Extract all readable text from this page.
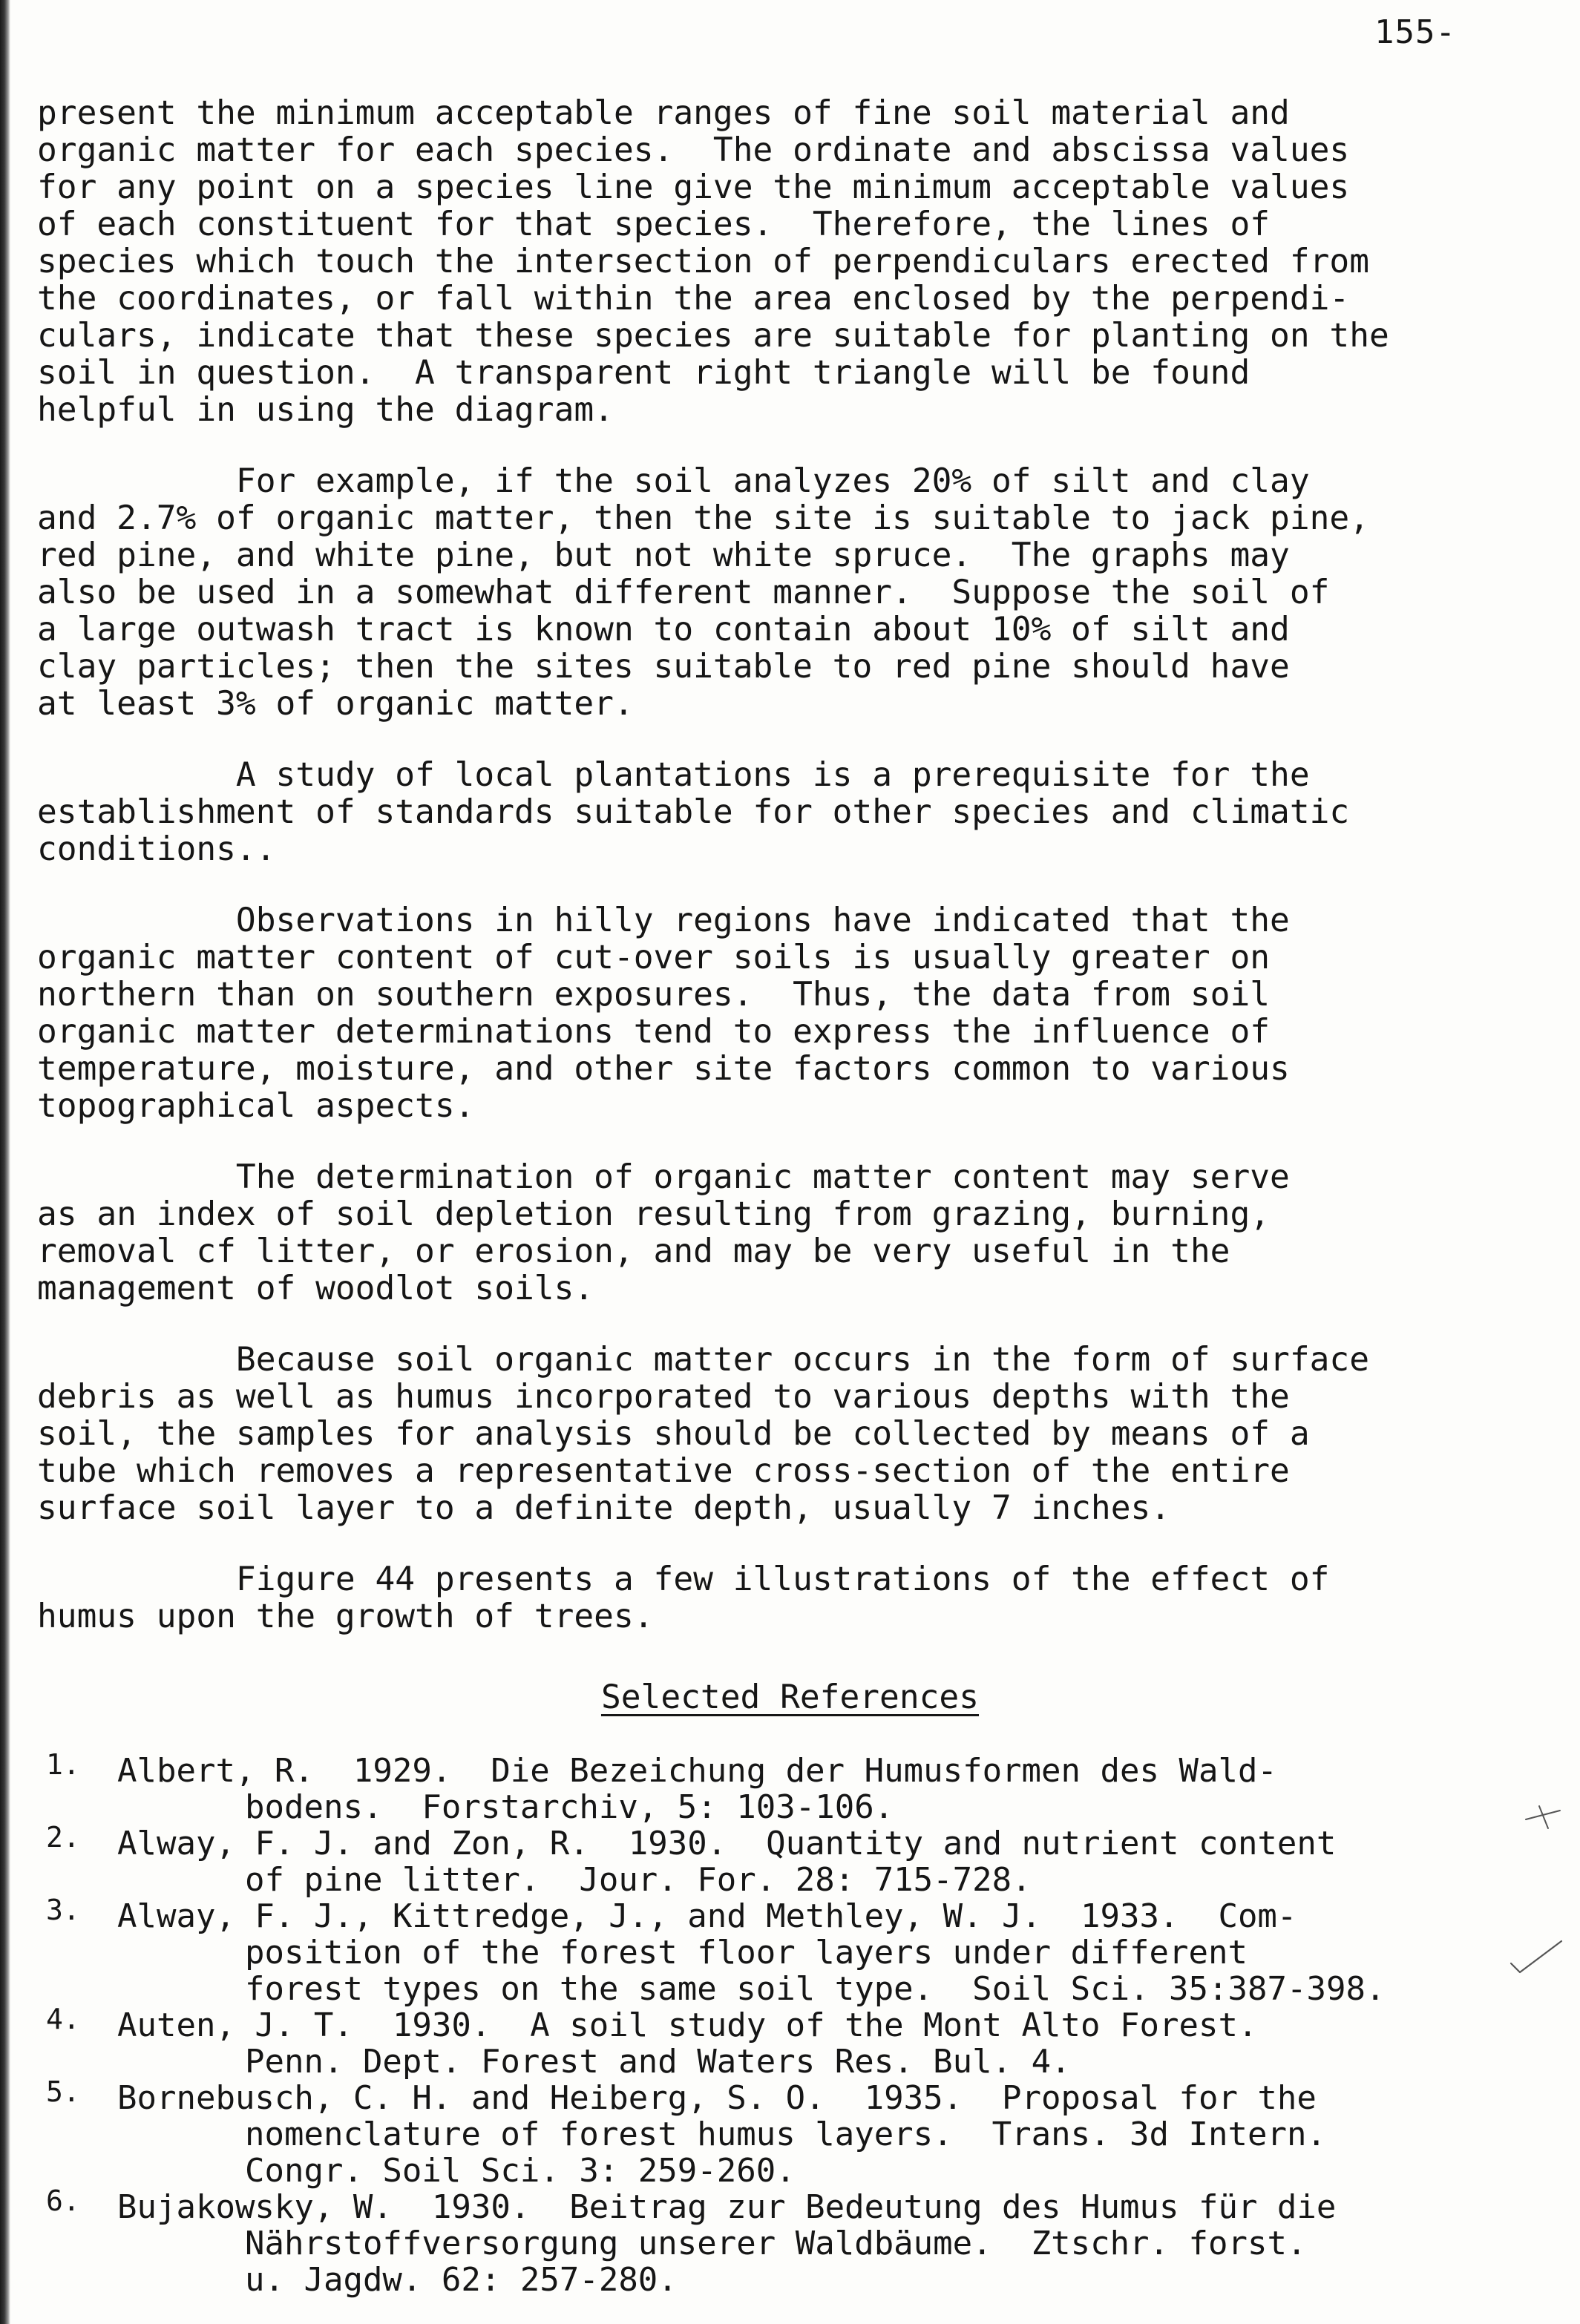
155-

present the minimum acceptable ranges of fine soil material and
organic matter for each species.  The ordinate and abscissa values
for any point on a species line give the minimum acceptable values
of each constituent for that species.  Therefore, the lines of
species which touch the intersection of perpendiculars erected from
the coordinates, or fall within the area enclosed by the perpendi-
culars, indicate that these species are suitable for planting on the
soil in question.  A transparent right triangle will be found
helpful in using the diagram.

For example, if the soil analyzes 20% of silt and clay
and 2.7% of organic matter, then the site is suitable to jack pine,
red pine, and white pine, but not white spruce.  The graphs may
also be used in a somewhat different manner.  Suppose the soil of
a large outwash tract is known to contain about 10% of silt and
clay particles; then the sites suitable to red pine should have
at least 3% of organic matter.

A study of local plantations is a prerequisite for the
establishment of standards suitable for other species and climatic
conditions..

Observations in hilly regions have indicated that the
organic matter content of cut-over soils is usually greater on
northern than on southern exposures.  Thus, the data from soil
organic matter determinations tend to express the influence of
temperature, moisture, and other site factors common to various
topographical aspects.

The determination of organic matter content may serve
as an index of soil depletion resulting from grazing, burning,
removal cf litter, or erosion, and may be very useful in the
management of woodlot soils.

Because soil organic matter occurs in the form of surface
debris as well as humus incorporated to various depths with the
soil, the samples for analysis should be collected by means of a
tube which removes a representative cross-section of the entire
surface soil layer to a definite depth, usually 7 inches.

Figure 44 presents a few illustrations of the effect of
humus upon the growth of trees.

Selected References
1. Albert, R.  1929.  Die Bezeichung der Humusformen des Wald-
bodens.  Forstarchiv, 5: 103-106.
2. Alway, F. J. and Zon, R.  1930.  Quantity and nutrient content
of pine litter.  Jour. For. 28: 715-728.
3. Alway, F. J., Kittredge, J., and Methley, W. J.  1933.  Com-
position of the forest floor layers under different
forest types on the same soil type.  Soil Sci. 35:387-398.
4. Auten, J. T.  1930.  A soil study of the Mont Alto Forest.
Penn. Dept. Forest and Waters Res. Bul. 4.
5. Bornebusch, C. H. and Heiberg, S. O.  1935.  Proposal for the
nomenclature of forest humus layers.  Trans. 3d Intern.
Congr. Soil Sci. 3: 259-260.
6. Bujakowsky, W.  1930.  Beitrag zur Bedeutung des Humus für die
Nährstoffversorgung unserer Waldbäume.  Ztschr. forst.
u. Jagdw. 62: 257-280.
